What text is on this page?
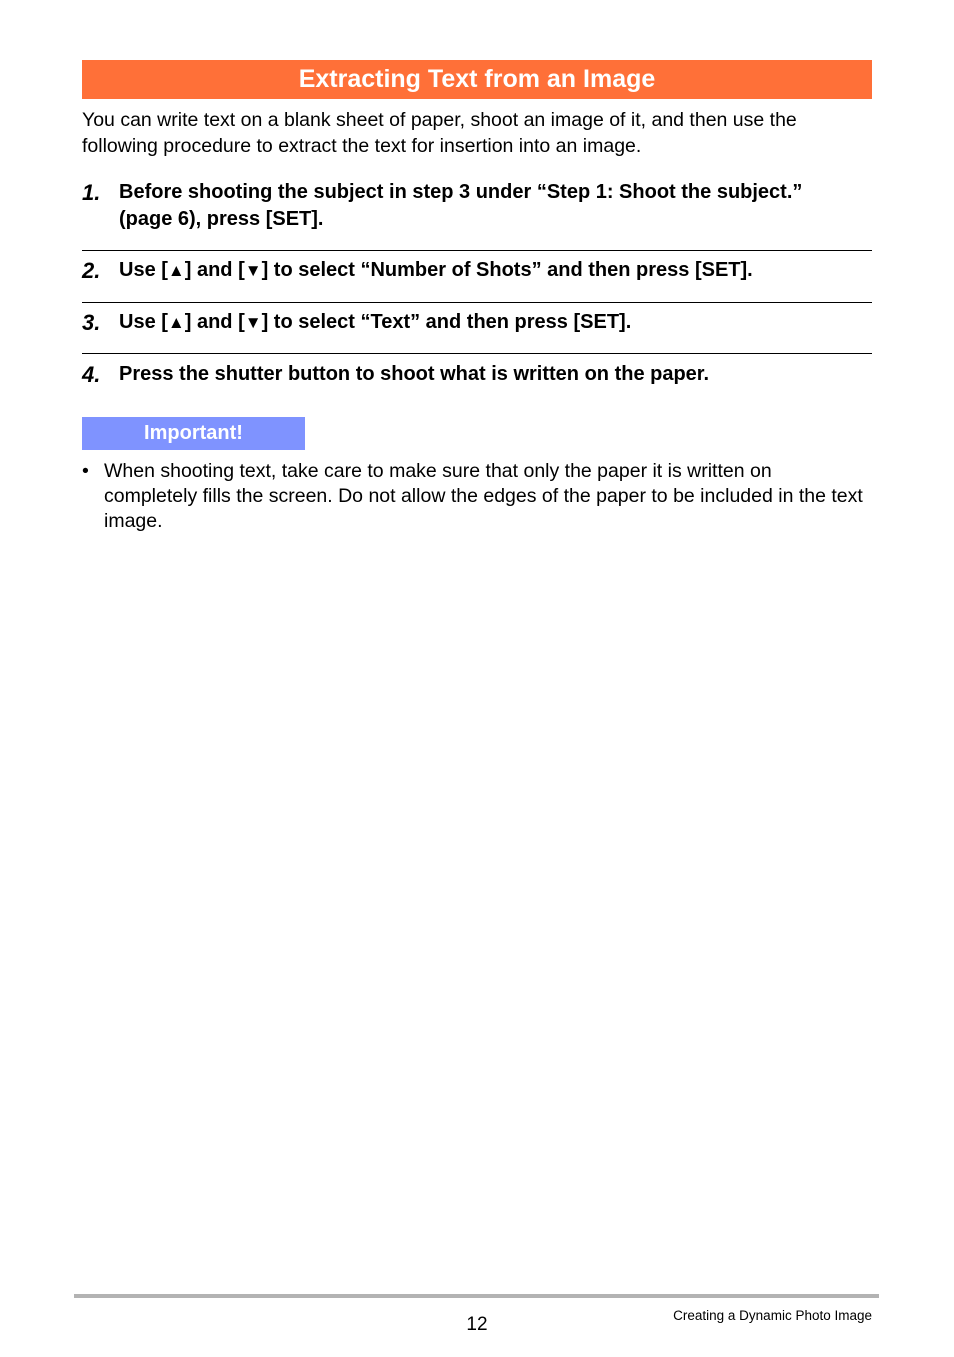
Extracting Text from an Image
You can write text on a blank sheet of paper, shoot an image of it, and then use the following procedure to extract the text for insertion into an image.
1. Before shooting the subject in step 3 under “Step 1: Shoot the subject.” (page 6), press [SET].
2. Use [▲] and [▼] to select “Number of Shots” and then press [SET].
3. Use [▲] and [▼] to select “Text” and then press [SET].
4. Press the shutter button to shoot what is written on the paper.
Important!
• When shooting text, take care to make sure that only the paper it is written on completely fills the screen. Do not allow the edges of the paper to be included in the text image.
12	Creating a Dynamic Photo Image
